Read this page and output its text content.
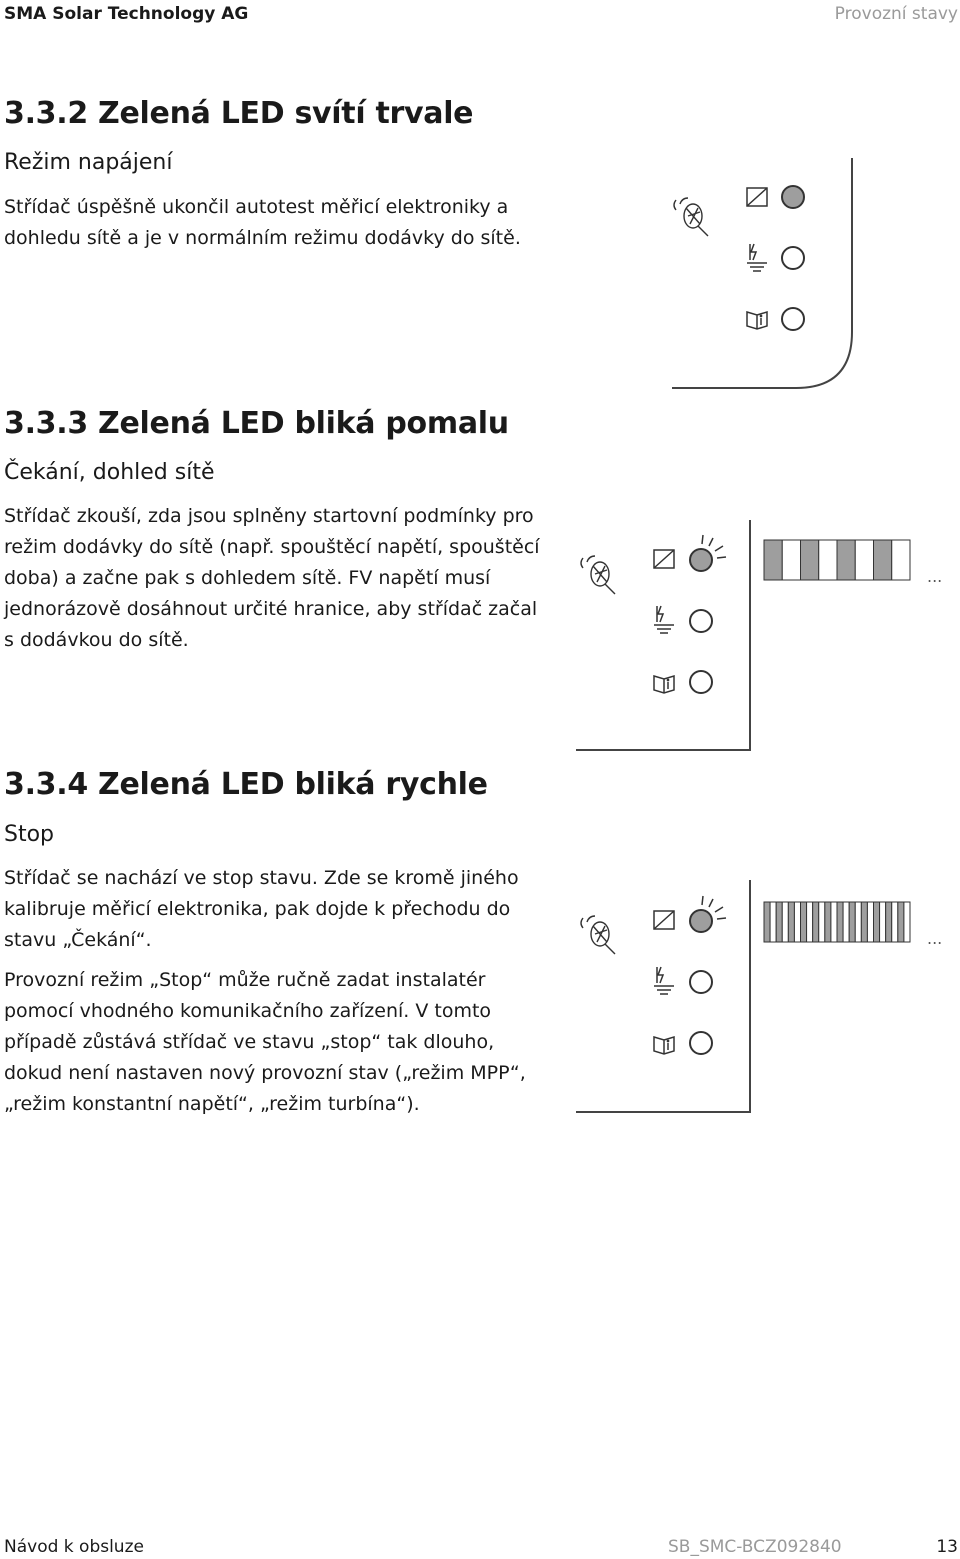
SMA Solar Technology AG	Provozní stavy
3.3.2 Zelená LED svítí trvale
Režim napájení

Střídač úspěšně ukončil autotest měřicí elektroniky a dohledu sítě a je v normálním režimu dodávky do sítě.

3.3.3 Zelená LED bliká pomalu
Čekání, dohled sítě

Střídač zkouší, zda jsou splněny startovní podmínky pro režim dodávky do sítě (např. spouštěcí napětí, spouštěcí doba) a začne pak s dohledem sítě. FV napětí musí jednorázově dosáhnout určité hranice, aby střídač začal s dodávkou do sítě.

3.3.4 Zelená LED bliká rychle
Stop

Střídač se nachází ve stop stavu. Zde se kromě jiného kalibruje měřicí elektronika, pak dojde k přechodu do stavu „Čekání“.

Provozní režim „Stop“ může ručně zadat instalatér pomocí vhodného komunikačního zařízení. V tomto případě zůstává střídač ve stavu „stop“ tak dlouho, dokud není nastaven nový provozní stav („režim MPP“, „režim konstantní napětí“, „režim turbína“).

...
...
Návod k obsluze	SB_SMC-BCZ092840	13
